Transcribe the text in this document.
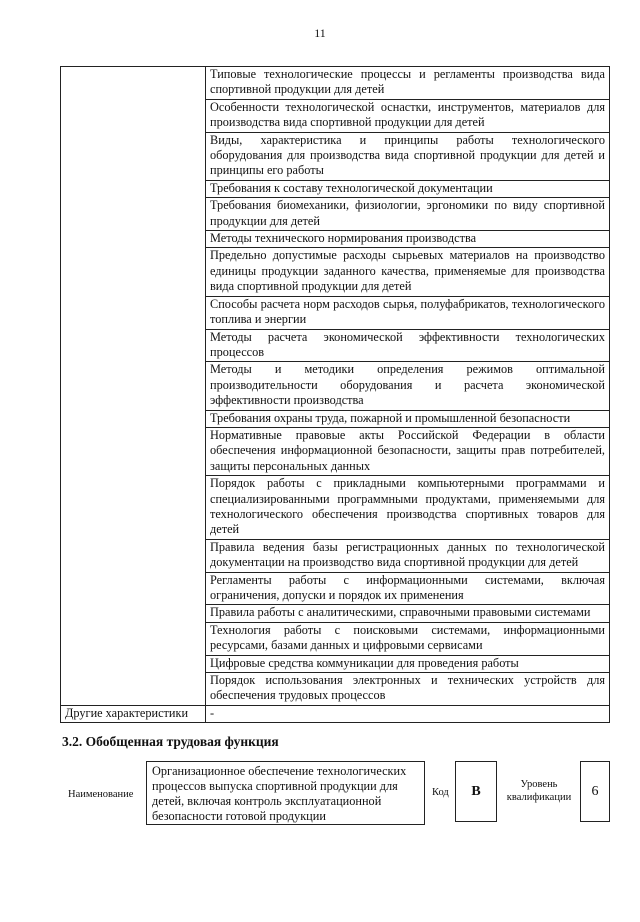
11
	Типовые технологические процессы и регламенты производства вида спортивной продукции для детей
	Особенности технологической оснастки, инструментов, материалов для производства вида спортивной продукции для детей
	Виды, характеристика и принципы работы технологического оборудования для производства вида спортивной продукции для детей и принципы его работы
	Требования к составу технологической документации
	Требования биомеханики, физиологии, эргономики по виду спортивной продукции для детей
	Методы технического нормирования производства
	Предельно допустимые расходы сырьевых материалов на производство единицы продукции заданного качества, применяемые для производства вида спортивной продукции для детей
	Способы расчета норм расходов сырья, полуфабрикатов, технологического топлива и энергии
	Методы расчета экономической эффективности технологических процессов
	Методы и методики определения режимов оптимальной производительности оборудования и расчета экономической эффективности производства
	Требования охраны труда, пожарной и промышленной безопасности
	Нормативные правовые акты Российской Федерации в области обеспечения информационной безопасности, защиты прав потребителей, защиты персональных данных
	Порядок работы с прикладными компьютерными программами и специализированными программными продуктами, применяемыми для технологического обеспечения производства спортивных товаров для детей
	Правила ведения базы регистрационных данных по технологической документации на производство вида спортивной продукции для детей
	Регламенты работы с информационными системами, включая ограничения, допуски и порядок их применения
	Правила работы с аналитическими, справочными правовыми системами
	Технология работы с поисковыми системами, информационными ресурсами, базами данных и цифровыми сервисами
	Цифровые средства коммуникации для проведения работы
	Порядок использования электронных и технических устройств для обеспечения трудовых процессов
Другие характеристики	-
3.2. Обобщенная трудовая функция
Наименование
Организационное обеспечение технологических процессов выпуска спортивной продукции для детей, включая контроль эксплуатационной безопасности готовой продукции
Код	В	Уровень квалификации	6
